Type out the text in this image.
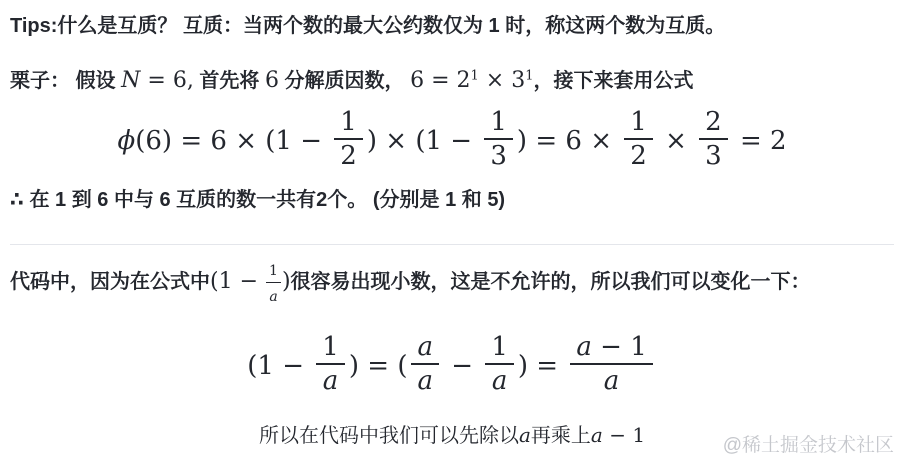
Tips:什么是互质？ 互质：当两个数的最大公约数仅为 1 时，称这两个数为互质。

栗子： 假设 N = 6, 首先将 6 分解质因数， $6 = 2^1 \times 3^1$，接下来套用公式

$\phi(6) = 6 \times (1 - \frac{1}{2}$ ) × ($1 - \frac{1}{3}$ ) = $6 \times \frac{1}{2} \times \frac{2}{3} = 2$

∴ 在 1 到 6 中与 6 互质的数一共有2个。 (分别是 1 和 5)

代码中，因为在公式中($1 - \frac{1}{a}$ )很容易出现小数，这是不允许的，所以我们可以变化一下：

($1 - \frac{1}{a}$ ) = ( $\frac{a}{a} - \frac{1}{a}$ ) = $\frac{a - 1}{a}$

所以在代码中我们可以先除以a再乘上a − 1	@稀土掘金技术社区
